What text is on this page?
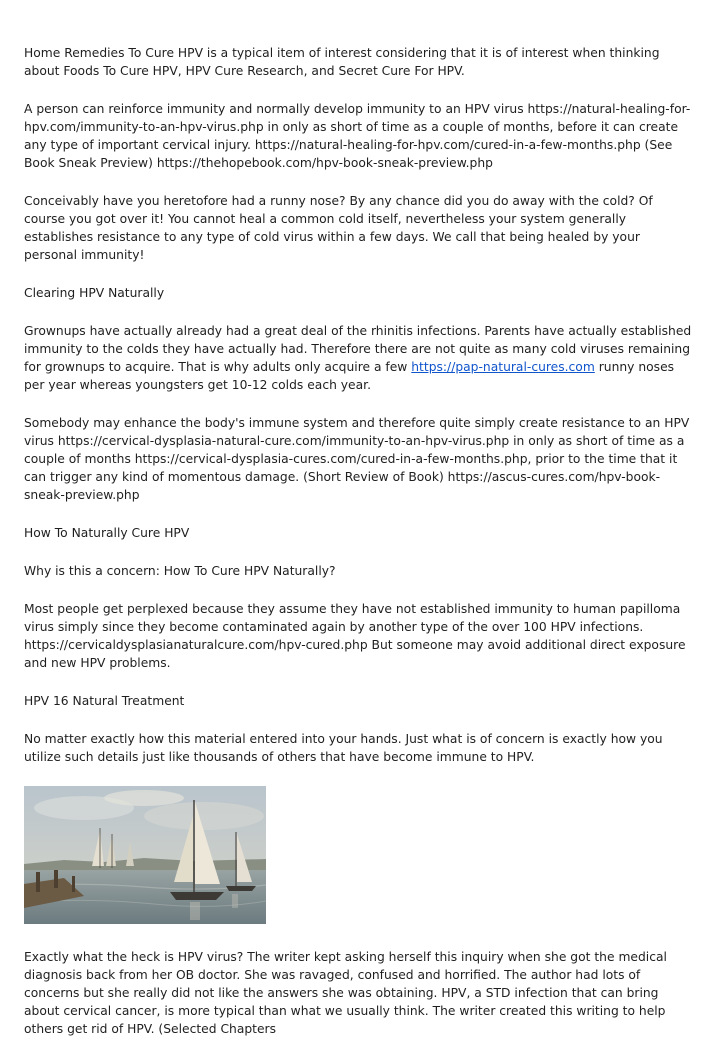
Home Remedies To Cure HPV is a typical item of interest considering that it is of interest when thinking about Foods To Cure HPV, HPV Cure Research, and Secret Cure For HPV.

A person can reinforce immunity and normally develop immunity to an HPV virus https://natural-healing-for-hpv.com/immunity-to-an-hpv-virus.php in only as short of time as a couple of months, before it can create any type of important cervical injury. https://natural-healing-for-hpv.com/cured-in-a-few-months.php (See Book Sneak Preview) https://thehopebook.com/hpv-book-sneak-preview.php

Conceivably have you heretofore had a runny nose? By any chance did you do away with the cold? Of course you got over it! You cannot heal a common cold itself, nevertheless your system generally establishes resistance to any type of cold virus within a few days. We call that being healed by your personal immunity!

Clearing HPV Naturally

Grownups have actually already had a great deal of the rhinitis infections. Parents have actually established immunity to the colds they have actually had. Therefore there are not quite as many cold viruses remaining for grownups to acquire. That is why adults only acquire a few https://pap-natural-cures.com runny noses per year whereas youngsters get 10-12 colds each year.

Somebody may enhance the body's immune system and therefore quite simply create resistance to an HPV virus https://cervical-dysplasia-natural-cure.com/immunity-to-an-hpv-virus.php in only as short of time as a couple of months https://cervical-dysplasia-cures.com/cured-in-a-few-months.php, prior to the time that it can trigger any kind of momentous damage. (Short Review of Book) https://ascus-cures.com/hpv-book-sneak-preview.php

How To Naturally Cure HPV

Why is this a concern: How To Cure HPV Naturally?

Most people get perplexed because they assume they have not established immunity to human papilloma virus simply since they become contaminated again by another type of the over 100 HPV infections. https://cervicaldysplasianaturalcure.com/hpv-cured.php But someone may avoid additional direct exposure and new HPV problems.

HPV 16 Natural Treatment

No matter exactly how this material entered into your hands. Just what is of concern is exactly how you utilize such details just like thousands of others that have become immune to HPV.

Exactly what the heck is HPV virus? The writer kept asking herself this inquiry when she got the medical diagnosis back from her OB doctor. She was ravaged, confused and horrified. The author had lots of concerns but she really did not like the answers she was obtaining. HPV, a STD infection that can bring about cervical cancer, is more typical than what we usually think. The writer created this writing to help others get rid of HPV. (Selected Chapters
